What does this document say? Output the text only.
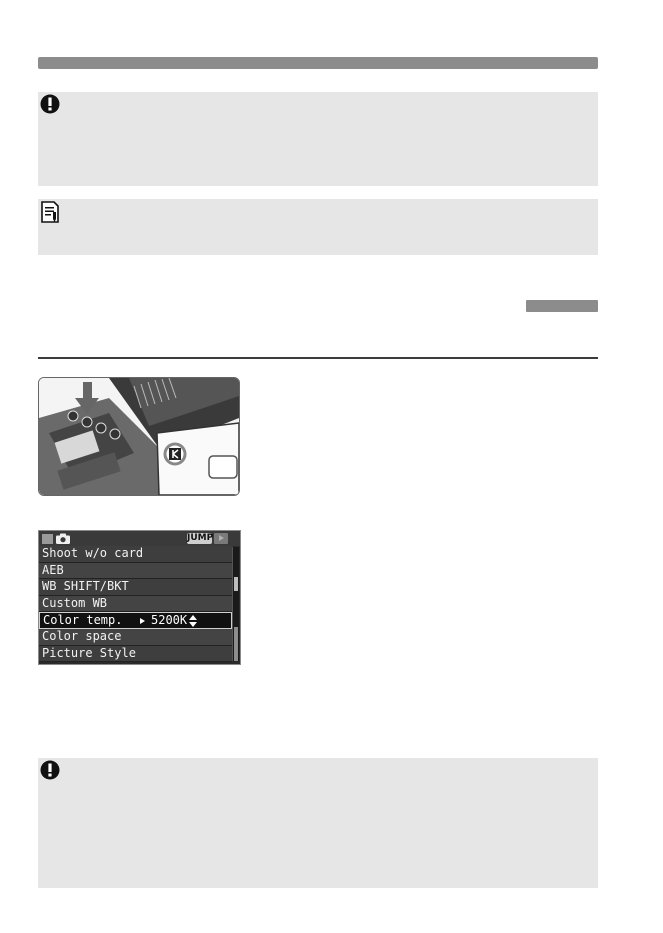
JUMP
Shoot w/o card
AEB
WB SHIFT/BKT
Custom WB
Color temp.	5200K
Color space
Picture Style
